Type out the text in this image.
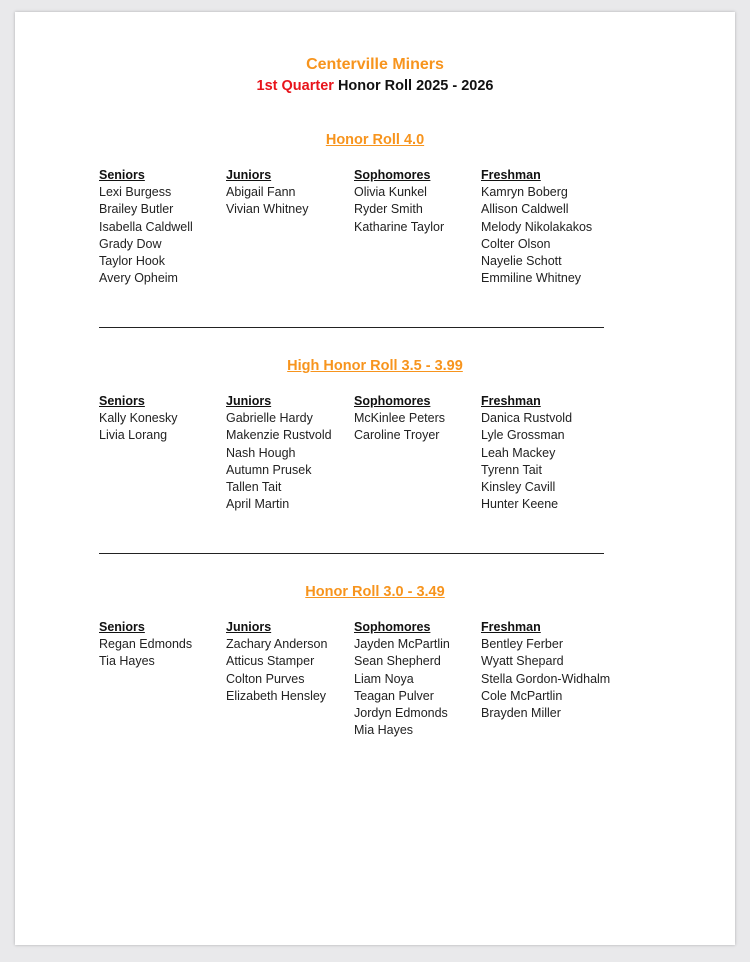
Centerville Miners
1st Quarter Honor Roll 2025 - 2026
Honor Roll 4.0
Seniors
Lexi Burgess
Brailey Butler
Isabella Caldwell
Grady Dow
Taylor Hook
Avery Opheim
Juniors
Abigail Fann
Vivian Whitney
Sophomores
Olivia Kunkel
Ryder Smith
Katharine Taylor
Freshman
Kamryn Boberg
Allison Caldwell
Melody Nikolakakos
Colter Olson
Nayelie Schott
Emmiline Whitney
High Honor Roll 3.5 - 3.99
Seniors
Kally Konesky
Livia Lorang
Juniors
Gabrielle Hardy
Makenzie Rustvold
Nash Hough
Autumn Prusek
Tallen Tait
April Martin
Sophomores
McKinlee Peters
Caroline Troyer
Freshman
Danica Rustvold
Lyle Grossman
Leah Mackey
Tyrenn Tait
Kinsley Cavill
Hunter Keene
Honor Roll 3.0 - 3.49
Seniors
Regan Edmonds
Tia Hayes
Juniors
Zachary Anderson
Atticus Stamper
Colton Purves
Elizabeth Hensley
Sophomores
Jayden McPartlin
Sean Shepherd
Liam Noya
Teagan Pulver
Jordyn Edmonds
Mia Hayes
Freshman
Bentley Ferber
Wyatt Shepard
Stella Gordon-Widhalm
Cole McPartlin
Brayden Miller
